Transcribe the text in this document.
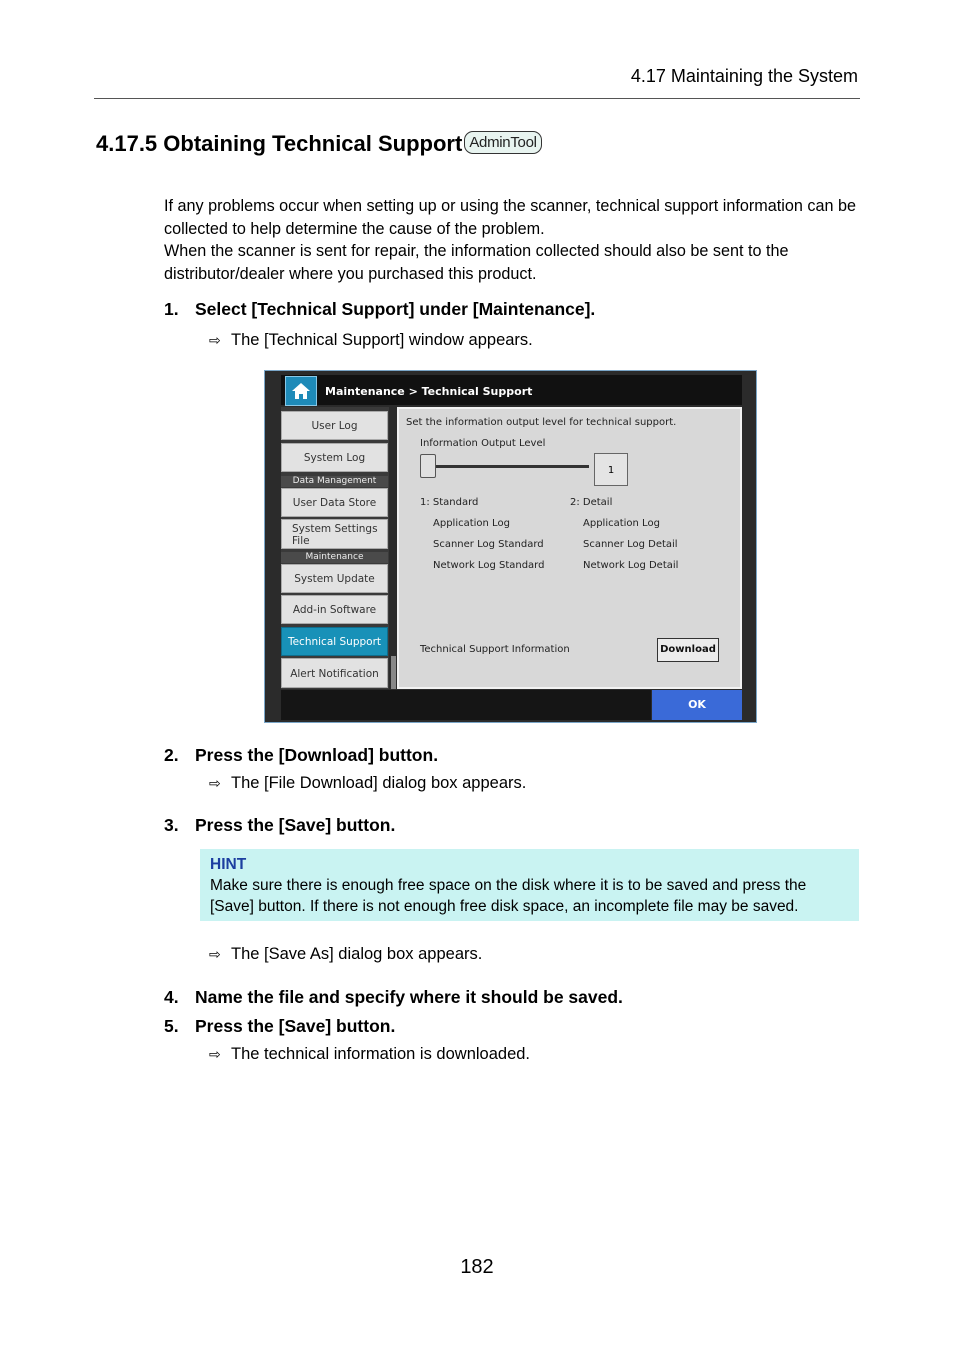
4.17 Maintaining the System
4.17.5 Obtaining Technical Support AdminTool

If any problems occur when setting up or using the scanner, technical support information can be collected to help determine the cause of the problem.

When the scanner is sent for repair, the information collected should also be sent to the distributor/dealer where you purchased this product.

1. Select [Technical Support] under [Maintenance].
⇨ The [Technical Support] window appears.
Maintenance > Technical Support
User Log
System Log
Data Management
User Data Store
System Settings File
Maintenance
System Update
Add-in Software
Technical Support
Alert Notification
Set the information output level for technical support.
Information Output Level
1
1: Standard
Application Log
Scanner Log Standard
Network Log Standard
2: Detail
Application Log
Scanner Log Detail
Network Log Detail
Technical Support Information	Download
OK
2. Press the [Download] button.
⇨ The [File Download] dialog box appears.
3. Press the [Save] button.
HINT
Make sure there is enough free space on the disk where it is to be saved and press the [Save] button. If there is not enough free disk space, an incomplete file may be saved.
⇨ The [Save As] dialog box appears.
4. Name the file and specify where it should be saved.
5. Press the [Save] button.
⇨ The technical information is downloaded.
182
